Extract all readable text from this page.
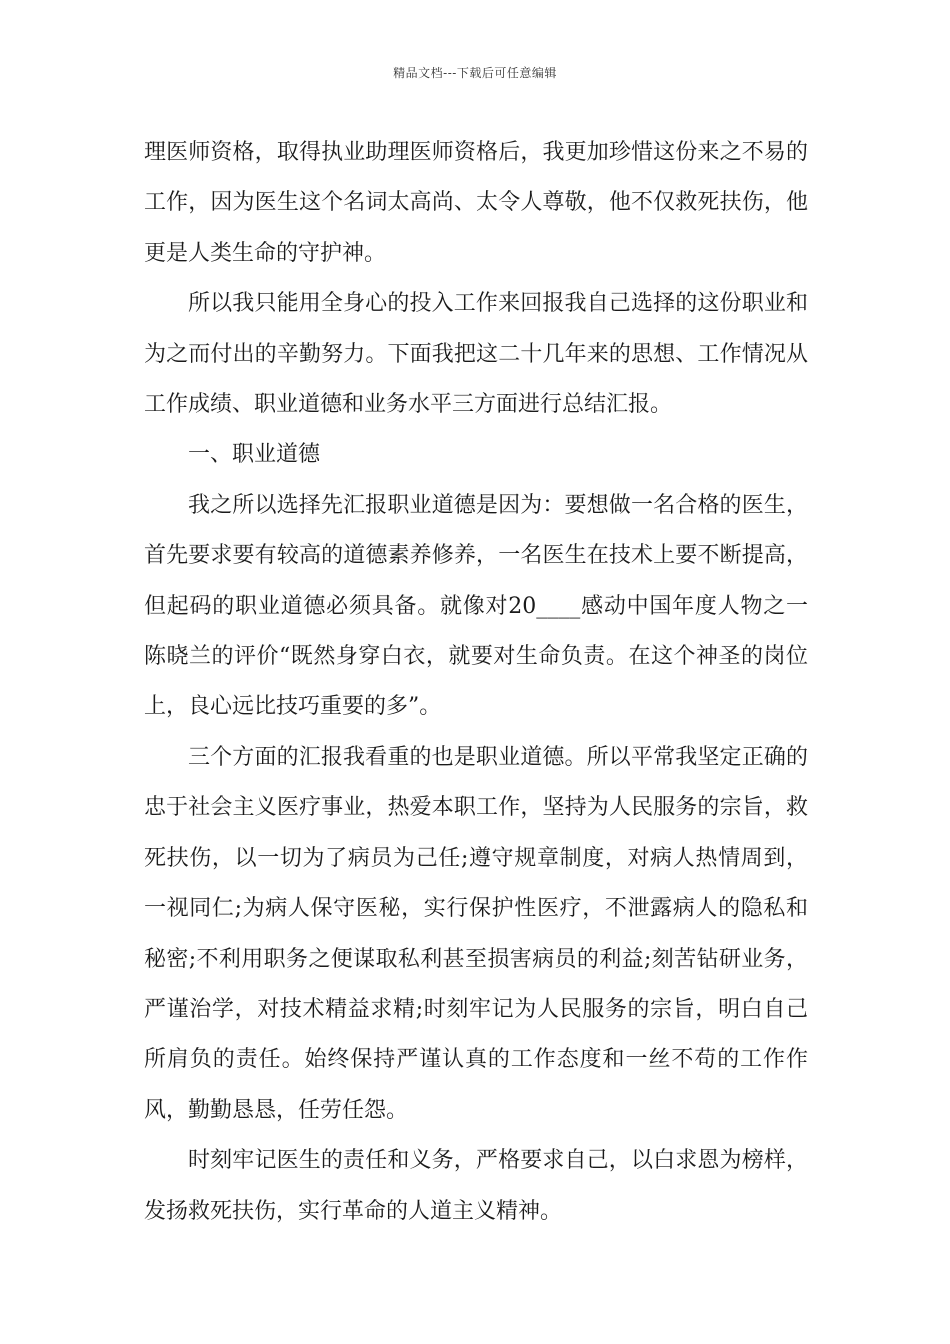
精品文档---下载后可任意编辑

理医师资格，取得执业助理医师资格后，我更加珍惜这份来之不易的工作，因为医生这个名词太高尚、太令人尊敬，他不仅救死扶伤，他更是人类生命的守护神。

所以我只能用全身心的投入工作来回报我自己选择的这份职业和为之而付出的辛勤努力。下面我把这二十几年来的思想、工作情况从工作成绩、职业道德和业务水平三方面进行总结汇报。

一、职业道德

我之所以选择先汇报职业道德是因为：要想做一名合格的医生，首先要求要有较高的道德素养修养，一名医生在技术上要不断提高，但起码的职业道德必须具备。就像对20____感动中国年度人物之一陈晓兰的评价“既然身穿白衣，就要对生命负责。在这个神圣的岗位上，良心远比技巧重要的多”。

三个方面的汇报我看重的也是职业道德。所以平常我坚定正确的忠于社会主义医疗事业，热爱本职工作，坚持为人民服务的宗旨，救死扶伤，以一切为了病员为己任;遵守规章制度，对病人热情周到，一视同仁;为病人保守医秘，实行保护性医疗，不泄露病人的隐私和秘密;不利用职务之便谋取私利甚至损害病员的利益;刻苦钻研业务，严谨治学，对技术精益求精;时刻牢记为人民服务的宗旨，明白自己所肩负的责任。始终保持严谨认真的工作态度和一丝不苟的工作作风，勤勤恳恳，任劳任怨。

时刻牢记医生的责任和义务，严格要求自己，以白求恩为榜样，发扬救死扶伤，实行革命的人道主义精神。
